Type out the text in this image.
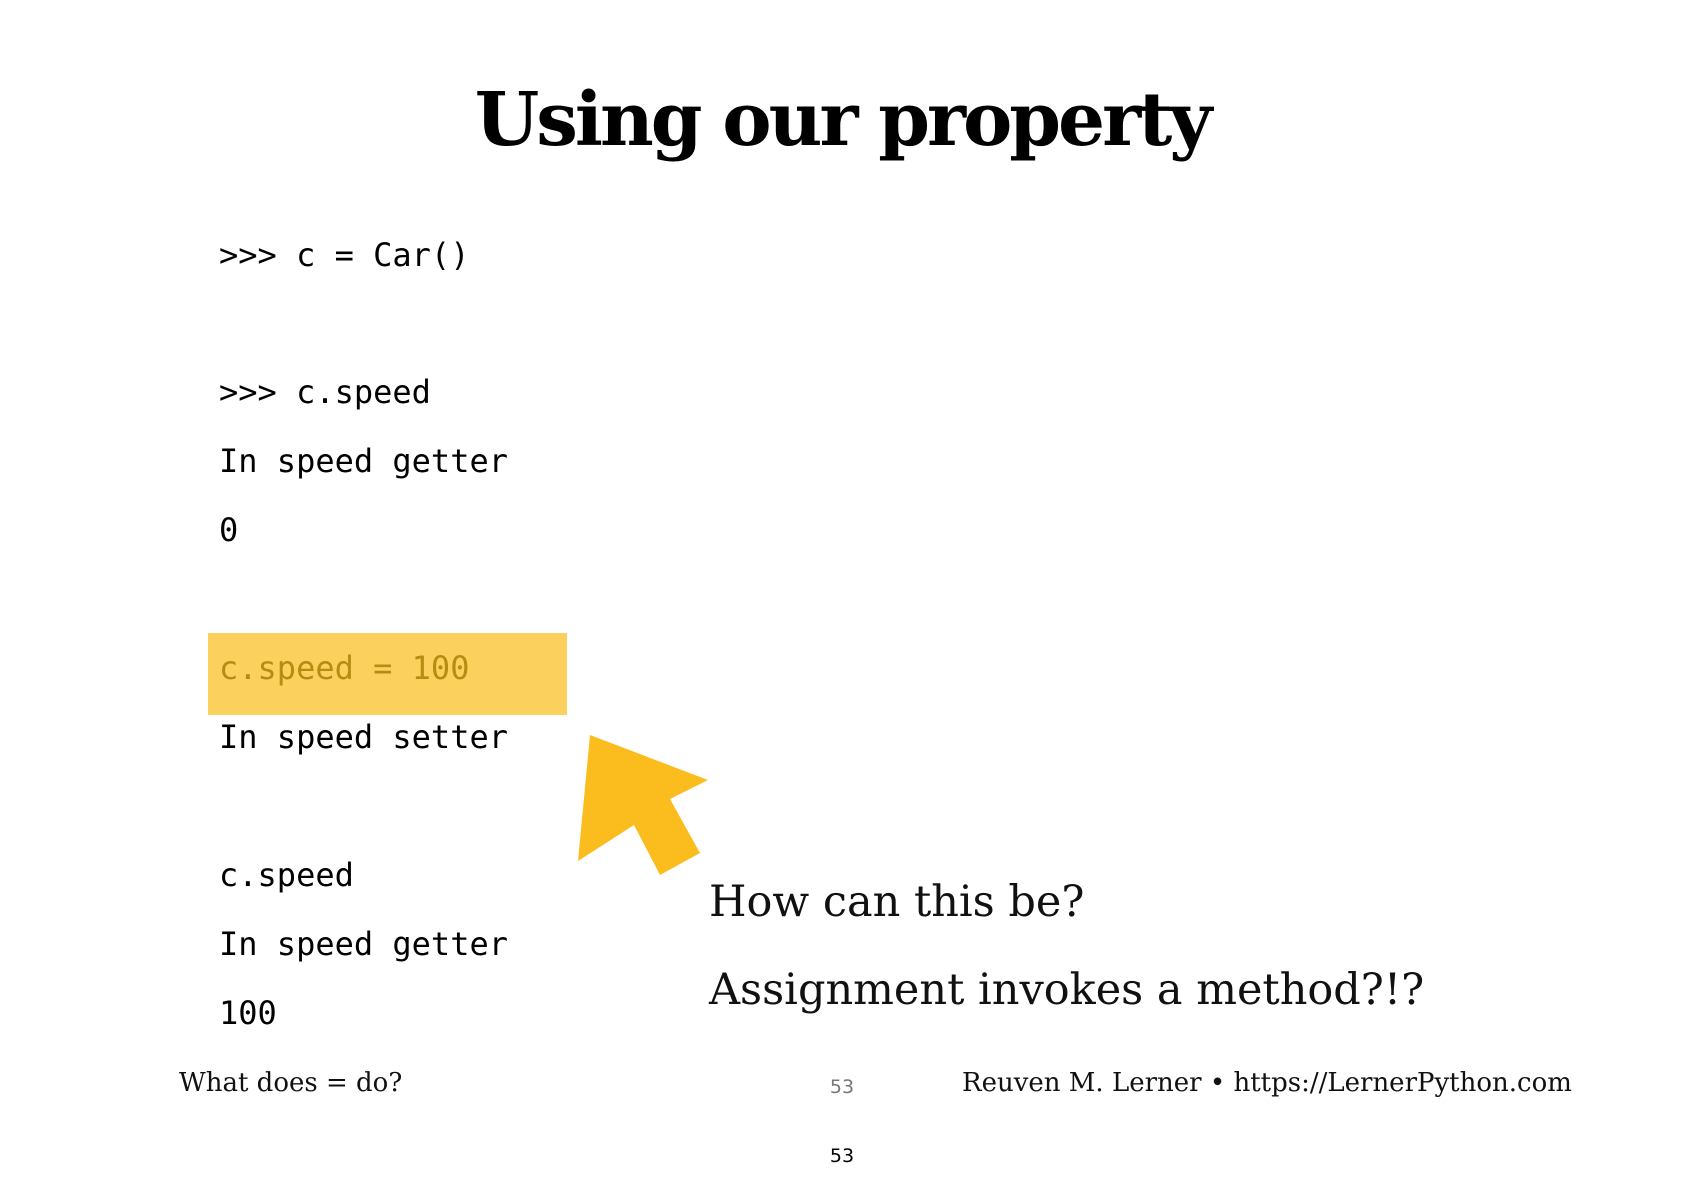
Using our property
>>> c = Car()
>>> c.speed
In speed getter
0
c.speed = 100
In speed setter
c.speed
In speed getter
100
How can this be?
Assignment invokes a method?!?
What does = do?	53	Reuven M. Lerner • https://LernerPython.com
53
